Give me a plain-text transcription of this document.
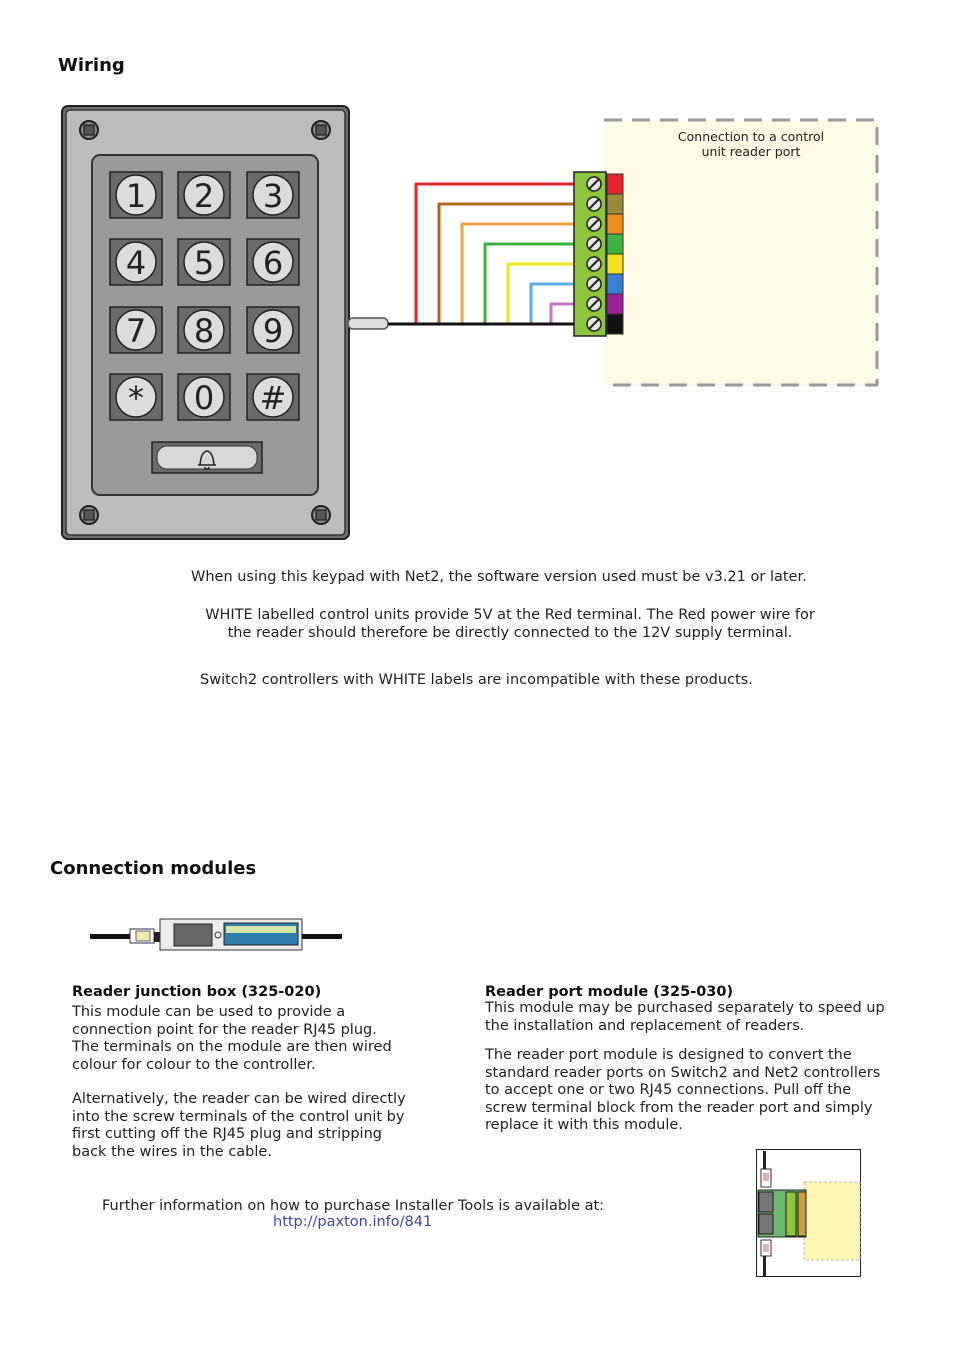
Wiring
Connection modules
Connection to a control
unit reader port
1 2 3
4 5 6
7 8 9
* 0 #
When using this keypad with Net2, the software version used must be v3.21 or later.
WHITE labelled control units provide 5V at the Red terminal. The Red power wire for
the reader should therefore be directly connected to the 12V supply terminal.
Switch2 controllers with WHITE labels are incompatible with these products.
Reader junction box (325-020)

This module can be used to provide a

connection point for the reader RJ45 plug.

The terminals on the module are then wired

colour for colour to the controller.

Alternatively, the reader can be wired directly

into the screw terminals of the control unit by

first cutting off the RJ45 plug and stripping

back the wires in the cable.

Reader port module (325-030)

This module may be purchased separately to speed up

the installation and replacement of readers.

The reader port module is designed to convert the

standard reader ports on Switch2 and Net2 controllers

to accept one or two RJ45 connections. Pull off the

screw terminal block from the reader port and simply

replace it with this module.

Further information on how to purchase Installer Tools is available at:
http://paxton.info/841
